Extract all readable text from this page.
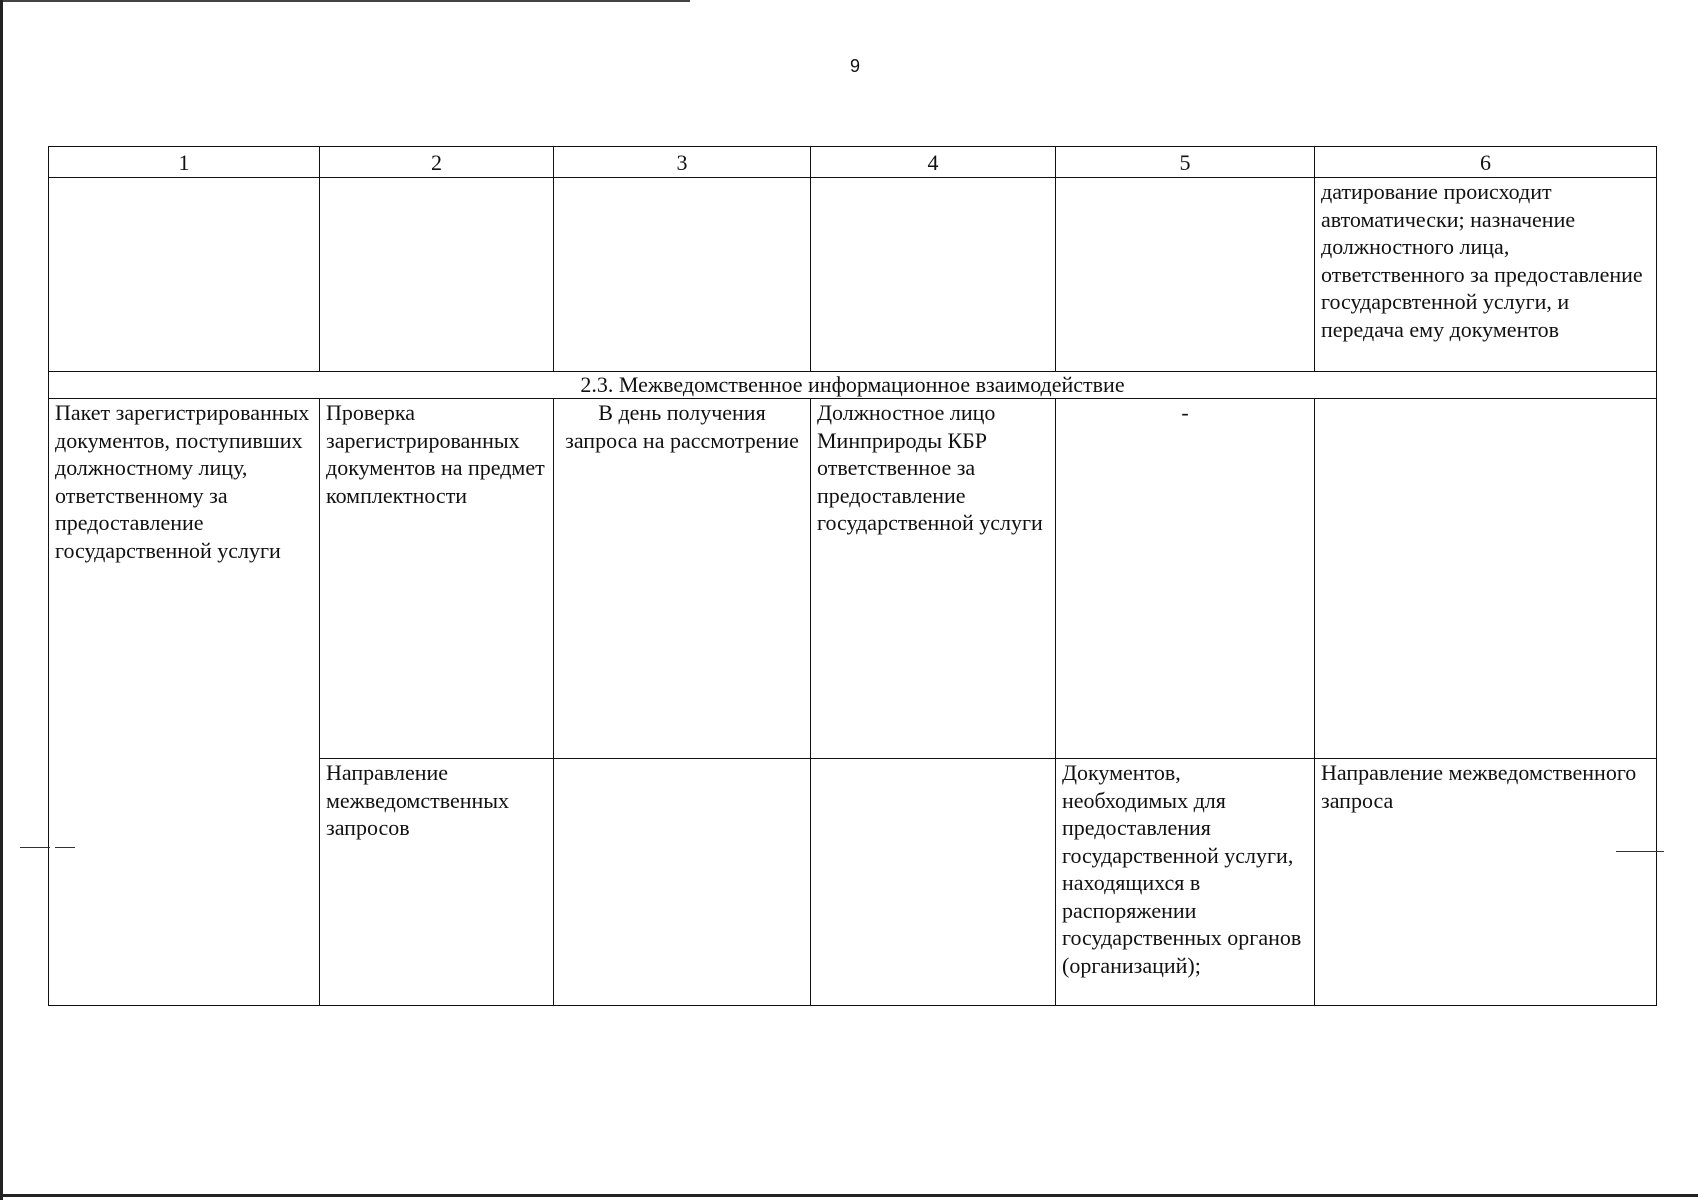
9
1	2	3	4	5	6
					датирование происходит автоматически; назначение должностного лица, ответственного за предоставление государсвтенной услуги, и передача ему документов
2.3. Межведомственное информационное взаимодействие					
Пакет зарегистрированных документов, поступивших должностному лицу, ответственному за предоставление государственной услуги	Проверка зарегистрированных документов на предмет комплектности	В день получения запроса на рассмотрение	Должностное лицо Минприроды КБР ответственное за предоставление государственной услуги	-	
	Направление межведомственных запросов			Документов, необходимых для предоставления государственной услуги, находящихся в распоряжении государственных органов (организаций);	Направление межведомственного запроса
